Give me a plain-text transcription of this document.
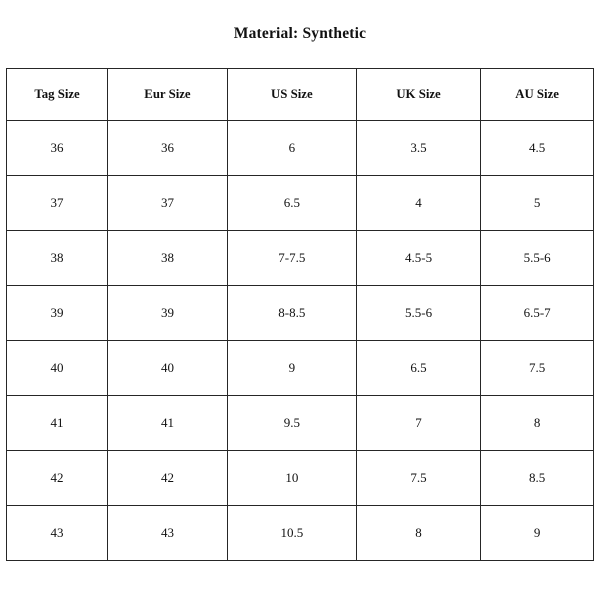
Material: Synthetic
Tag Size	Eur Size	US Size	UK Size	AU Size
36	36	6	3.5	4.5
37	37	6.5	4	5
38	38	7-7.5	4.5-5	5.5-6
39	39	8-8.5	5.5-6	6.5-7
40	40	9	6.5	7.5
41	41	9.5	7	8
42	42	10	7.5	8.5
43	43	10.5	8	9
